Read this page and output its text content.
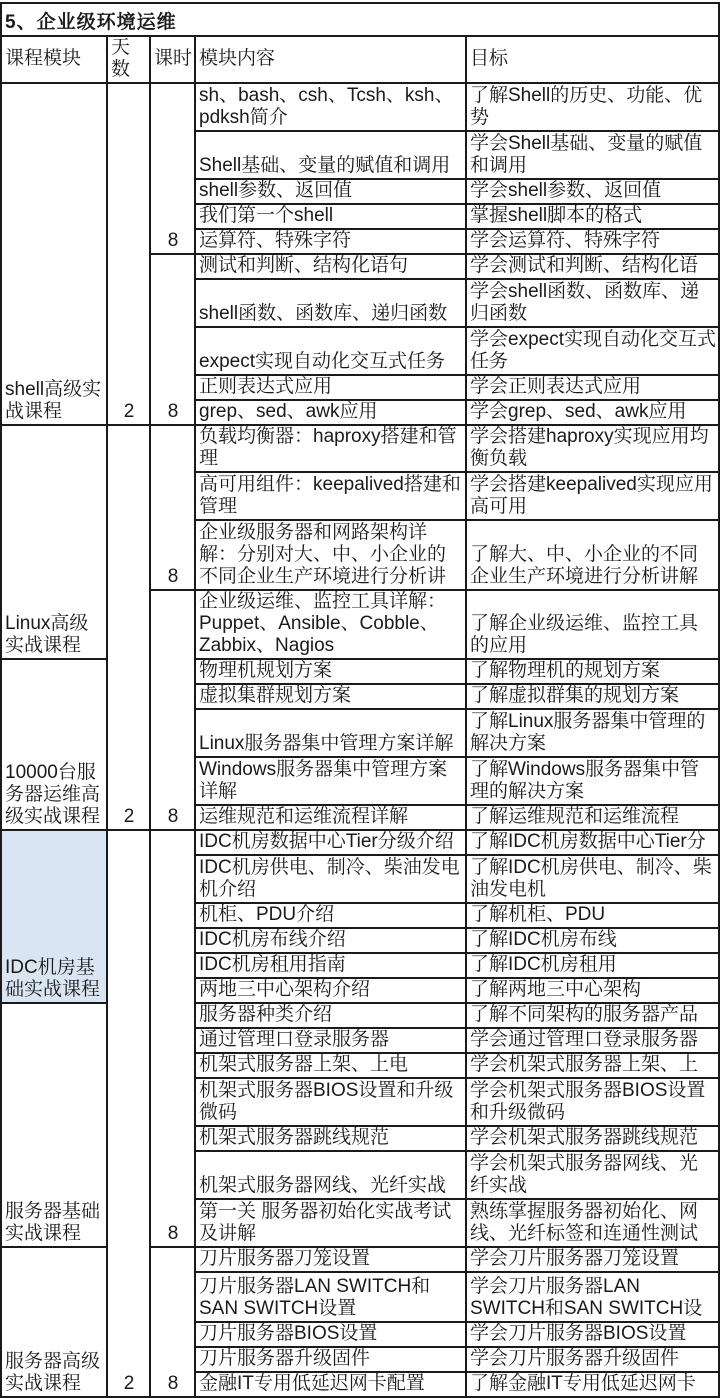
5、企业级环境运维				
课程模块	天数	课时	模块内容	目标
shell高级实战课程	2	8	sh、bash、csh、Tcsh、ksh、pdksh简介	了解Shell的历史、功能、优势
			Shell基础、变量的赋值和调用	学会Shell基础、变量的赋值和调用
			shell参数、返回值	学会shell参数、返回值
			我们第一个shell	掌握shell脚本的格式
			运算符、特殊字符	学会运算符、特殊字符
		8	测试和判断、结构化语句	学会测试和判断、结构化语
			shell函数、函数库、递归函数	学会shell函数、函数库、递归函数
			expect实现自动化交互式任务	学会expect实现自动化交互式任务
			正则表达式应用	学会正则表达式应用
			grep、sed、awk应用	学会grep、sed、awk应用
Linux高级实战课程	2	8	负载均衡器：haproxy搭建和管理	学会搭建haproxy实现应用均衡负载
			高可用组件：keepalived搭建和管理	学会搭建keepalived实现应用高可用
			企业级服务器和网路架构详解：分别对大、中、小企业的不同企业生产环境进行分析讲	了解大、中、小企业的不同企业生产环境进行分析讲解
		8	企业级运维、监控工具详解：Puppet、Ansible、Cobble、Zabbix、Nagios	了解企业级运维、监控工具的应用
10000台服务器运维高级实战课程			物理机规划方案	了解物理机的规划方案
			虚拟集群规划方案	了解虚拟群集的规划方案
			Linux服务器集中管理方案详解	了解Linux服务器集中管理的解决方案
			Windows服务器集中管理方案详解	了解Windows服务器集中管理的解决方案
			运维规范和运维流程详解	了解运维规范和运维流程
IDC机房基础实战课程	2	8	IDC机房数据中心Tier分级介绍	了解IDC机房数据中心Tier分
			IDC机房供电、制冷、柴油发电机介绍	了解IDC机房供电、制冷、柴油发电机
			机柜、PDU介绍	了解机柜、PDU
			IDC机房布线介绍	了解IDC机房布线
			IDC机房租用指南	了解IDC机房租用
			两地三中心架构介绍	了解两地三中心架构
服务器基础实战课程			服务器种类介绍	了解不同架构的服务器产品
			通过管理口登录服务器	学会通过管理口登录服务器
			机架式服务器上架、上电	学会机架式服务器上架、上
			机架式服务器BIOS设置和升级微码	学会机架式服务器BIOS设置和升级微码
			机架式服务器跳线规范	学会机架式服务器跳线规范
			机架式服务器网线、光纤实战	学会机架式服务器网线、光纤实战
			第一关 服务器初始化实战考试及讲解	熟练掌握服务器初始化、网线、光纤标签和连通性测试
服务器高级实战课程		8	刀片服务器刀笼设置	学会刀片服务器刀笼设置
			刀片服务器LAN SWITCH和SAN SWITCH设置	学会刀片服务器LAN SWITCH和SAN SWITCH设
			刀片服务器BIOS设置	学会刀片服务器BIOS设置
			刀片服务器升级固件	学会刀片服务器升级固件
			金融IT专用低延迟网卡配置	了解金融IT专用低延迟网卡
